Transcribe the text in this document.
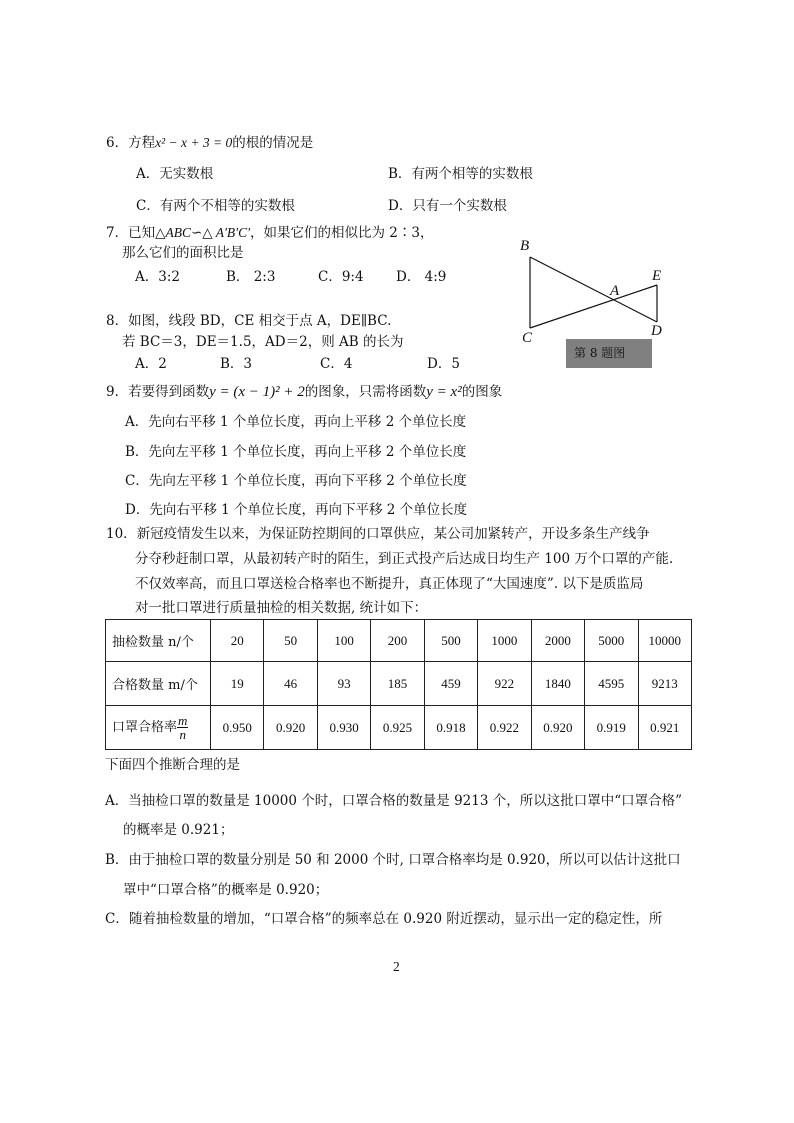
6．方程x² − x + 3 = 0的根的情况是
A．无实数根	B．有两个相等的实数根
C．有两个不相等的实数根	D．只有一个实数根
7．已知△ABC∽△ A'B'C'，如果它们的相似比为 2∶3，
那么它们的面积比是
A．3:2	B． 2:3	C．9:4 D． 4:9
8．如图，线段 BD，CE 相交于点 A，DE∥BC.
若 BC＝3，DE＝1.5，AD＝2，则 AB 的长为
A．2	B．3	C．4	D．5
B
A
E
C	D
第 8 题图
9．若要得到函数y = (x − 1)² + 2的图象，只需将函数y = x²的图象
A．先向右平移 1 个单位长度，再向上平移 2 个单位长度
B．先向左平移 1 个单位长度，再向上平移 2 个单位长度
C．先向左平移 1 个单位长度，再向下平移 2 个单位长度
D．先向右平移 1 个单位长度，再向下平移 2 个单位长度
10．新冠疫情发生以来，为保证防控期间的口罩供应，某公司加紧转产，开设多条生产线争
分夺秒赶制口罩，从最初转产时的陌生，到正式投产后达成日均生产 100 万个口罩的产能.
不仅效率高，而且口罩送检合格率也不断提升，真正体现了“大国速度”. 以下是质监局
对一批口罩进行质量抽检的相关数据, 统计如下：
抽检数量 n/个	20	50	100	200	500	1000	2000	5000	10000
合格数量 m/个	19	46	93	185	459	922	1840	4595	9213
口罩合格率 $\frac{m}{n}$	0.950	0.920	0.930	0.925	0.918	0.922	0.920	0.919	0.921
下面四个推断合理的是
A．当抽检口罩的数量是 10000 个时，口罩合格的数量是 9213 个，所以这批口罩中“口罩合格”
的概率是 0.921；
B．由于抽检口罩的数量分别是 50 和 2000 个时, 口罩合格率均是 0.920，所以可以估计这批口
罩中“口罩合格”的概率是 0.920；
C．随着抽检数量的增加，“口罩合格”的频率总在 0.920 附近摆动，显示出一定的稳定性，所
2
